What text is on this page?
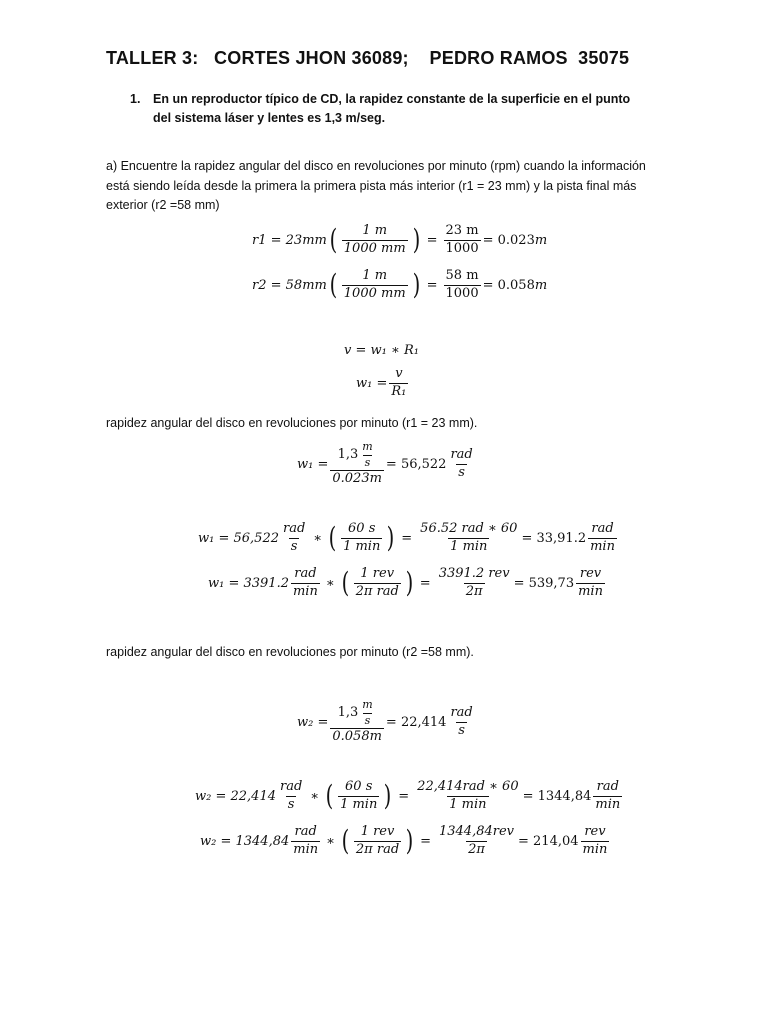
TALLER 3:   CORTES JHON 36089;    PEDRO RAMOS  35075
1. En un reproductor típico de CD, la rapidez constante de la superficie en el punto del sistema láser y lentes es 1,3 m/seg.
a) Encuentre la rapidez angular del disco en revoluciones por minuto (rpm) cuando la información está siendo leída desde la primera la primera pista más interior (r1 = 23 mm) y la pista final más exterior (r2 =58 mm)
r1 = 23 mm ( $\frac{1 m}{1000 mm}$ ) = $\frac{23 m}{1000} = 0.023$ m
r2 = 58 mm ( $\frac{1 m}{1000 mm}$ ) = $\frac{58 m}{1000} = 0.058$ m
v = w₁ ∗ R₁
$w_1 = \frac{v}{\text{R₁}}$
rapidez angular del disco en revoluciones por minuto (r1 = 23 mm).
$w_1 = \frac{1,3 \frac{m}{s}}{0.023m} = 56,522 \frac{\text{rad}}{s}$
$w_1 = 56,522 \frac{\text{rad}}{s}$ ∗ ( $\frac{60 s}{1 \min}$ ) = $\frac{\text{56.52 rad ∗ 60}}{1 \min} = 33,91.2 \frac{\text{rad}}{\min}$
$w_1 = 3391.2 \frac{\text{rad}}{\min}$ ∗ ( $\frac{\text{1 rev}}{\text{2π rad}}$ ) = $\frac{\text{3391.2 rev}}{2\pi} = 539,73 \frac{\text{rev}}{\min}$
rapidez angular del disco en revoluciones por minuto (r2 =58 mm).
$w_2 = \frac{1,3 \frac{m}{s}}{0.058m} = 22,414 \frac{\text{rad}}{s}$
$w_2 = 22,414 \frac{\text{rad}}{s}$ ∗ ( $\frac{60 s}{1 \min}$ ) = $\frac{\text{22,414rad ∗ 60}}{1 \min} = 1344,84 \frac{\text{rad}}{\min}$
$w_2 = 1344,84 \frac{\text{rad}}{\min}$ ∗ ( $\frac{\text{1 rev}}{\text{2π rad}}$ ) = $\frac{\text{1344,84rev}}{2\pi} = 214,04 \frac{\text{rev}}{\min}$
